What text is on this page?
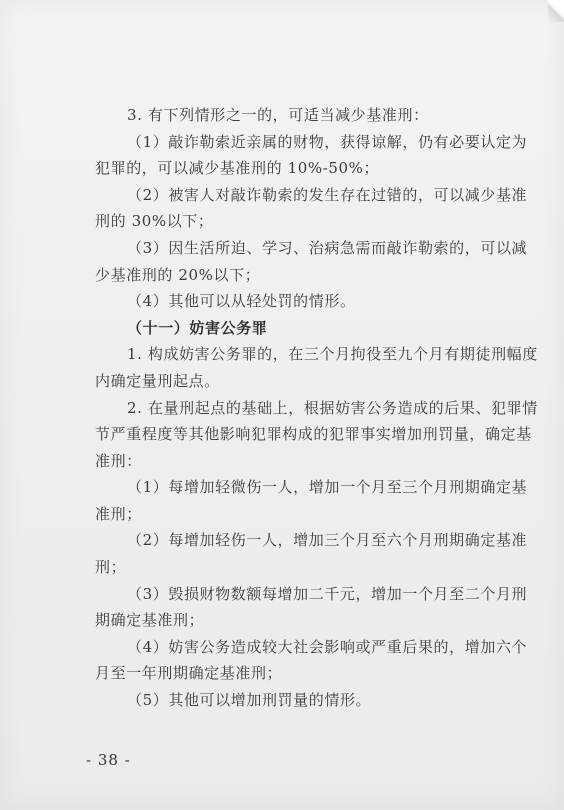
3. 有下列情形之一的，可适当减少基准刑：
（1）敲诈勒索近亲属的财物，获得谅解，仍有必要认定为
犯罪的，可以减少基准刑的 10%-50%；
（2）被害人对敲诈勒索的发生存在过错的，可以减少基准
刑的 30%以下；
（3）因生活所迫、学习、治病急需而敲诈勒索的，可以减
少基准刑的 20%以下；
（4）其他可以从轻处罚的情形。
（十一）妨害公务罪
1. 构成妨害公务罪的，在三个月拘役至九个月有期徒刑幅度
内确定量刑起点。
2. 在量刑起点的基础上，根据妨害公务造成的后果、犯罪情
节严重程度等其他影响犯罪构成的犯罪事实增加刑罚量，确定基
准刑：
（1）每增加轻微伤一人，增加一个月至三个月刑期确定基
准刑；
（2）每增加轻伤一人，增加三个月至六个月刑期确定基准
刑；
（3）毁损财物数额每增加二千元，增加一个月至二个月刑
期确定基准刑；
（4）妨害公务造成较大社会影响或严重后果的，增加六个
月至一年刑期确定基准刑；
（5）其他可以增加刑罚量的情形。
- 38 -
